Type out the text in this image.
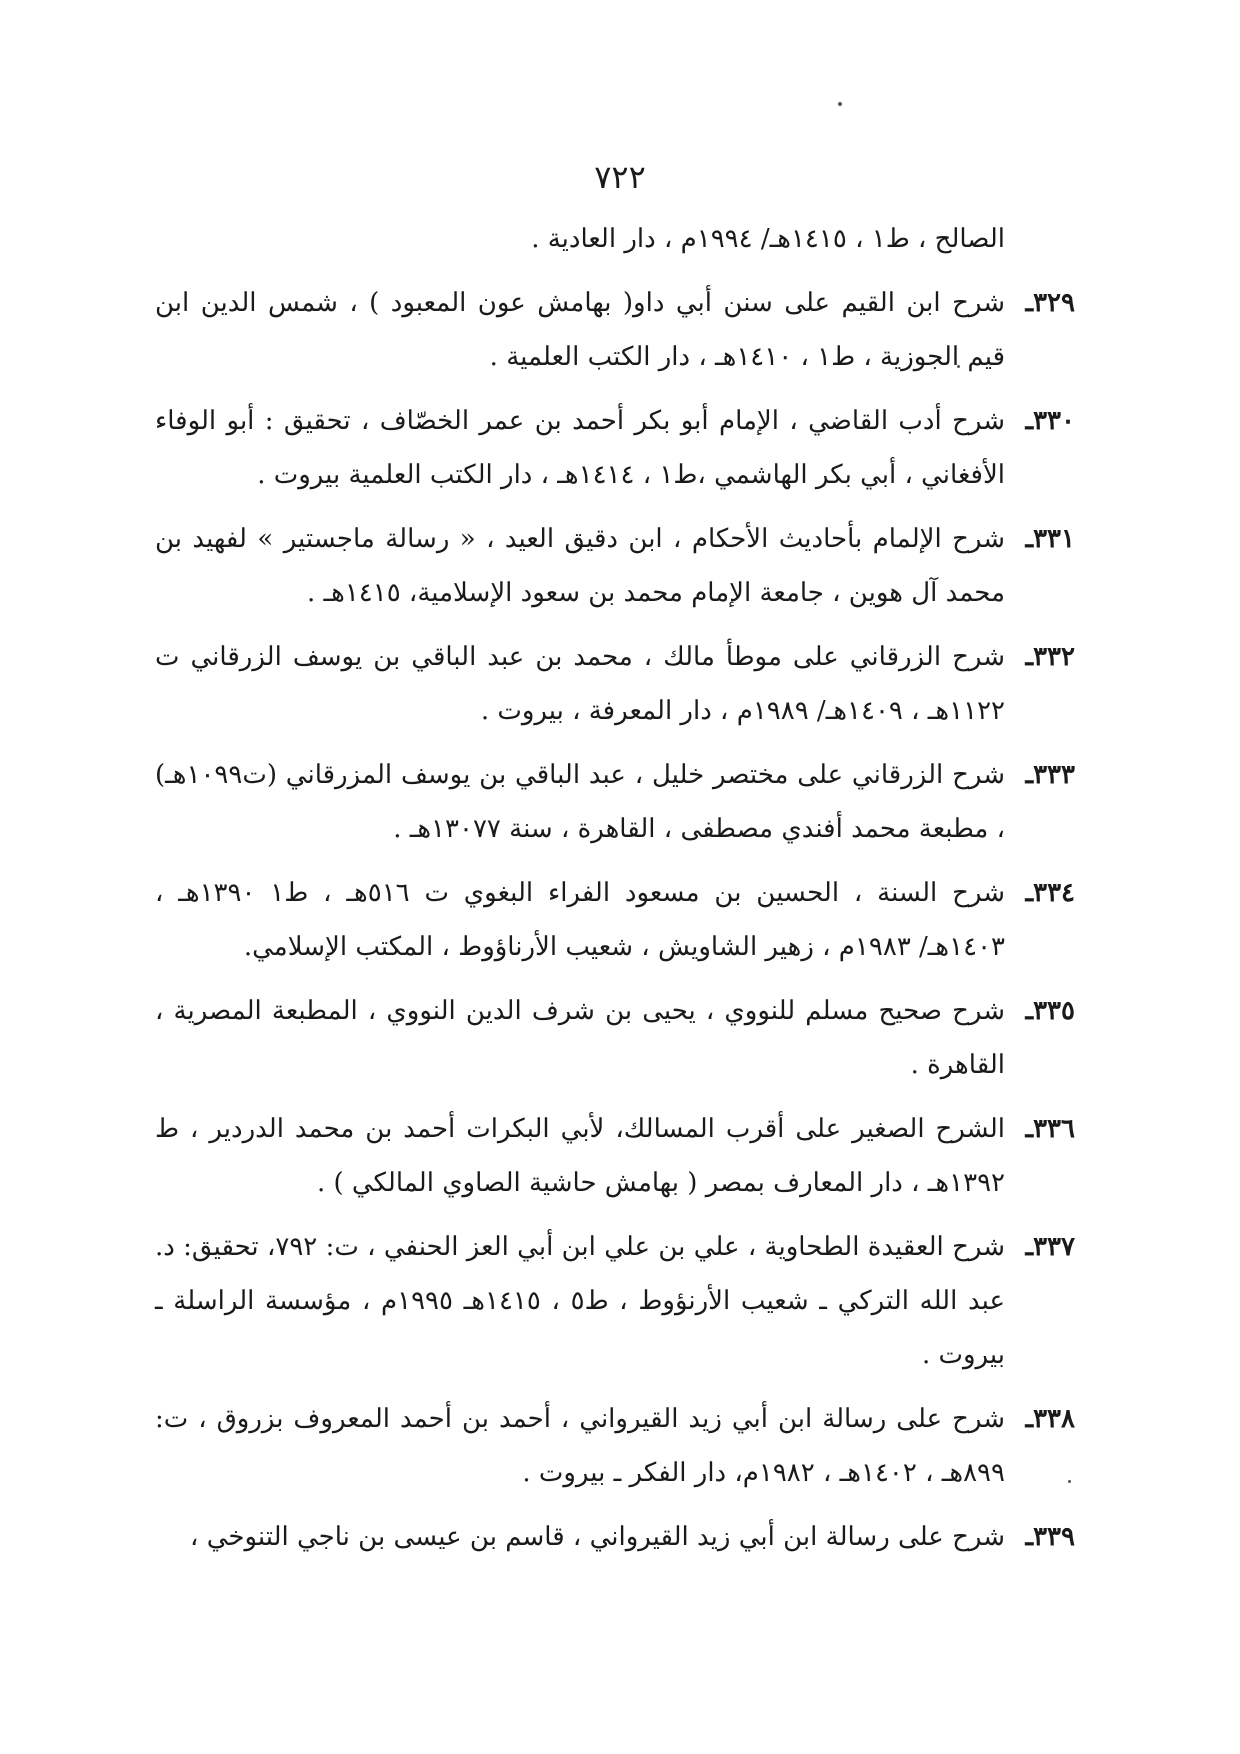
٧٢٢
الصالح ، ط١ ، ١٤١٥هـ/ ١٩٩٤م ، دار العادية .
٣٢٩ـشرح ابن القيم على سنن أبي داو( بهامش عون المعبود ) ، شمس الدين ابن قيم الجوزية ، ط١ ، ١٤١٠هـ ، دار الكتب العلمية .
٣٣٠ـشرح أدب القاضي ، الإمام أبو بكر أحمد بن عمر الخصّاف ، تحقيق : أبو الوفاء الأفغاني ، أبي بكر الهاشمي ،ط١ ، ١٤١٤هـ ، دار الكتب العلمية بيروت .
٣٣١ـشرح الإلمام بأحاديث الأحكام ، ابن دقيق العيد ، « رسالة ماجستير » لفهيد بن محمد آل هوين ، جامعة الإمام محمد بن سعود الإسلامية، ١٤١٥هـ .
٣٣٢ـشرح الزرقاني على موطأ مالك ، محمد بن عبد الباقي بن يوسف الزرقاني ت ١١٢٢هـ ، ١٤٠٩هـ/ ١٩٨٩م ، دار المعرفة ، بيروت .
٣٣٣ـشرح الزرقاني على مختصر خليل ، عبد الباقي بن يوسف المزرقاني (ت١٠٩٩هـ) ، مطبعة محمد أفندي مصطفى ، القاهرة ، سنة ١٣٠٧٧هـ .
٣٣٤ـشرح السنة ، الحسين بن مسعود الفراء البغوي ت ٥١٦هـ ، ط١ ١٣٩٠هـ ، ١٤٠٣هـ/ ١٩٨٣م ، زهير الشاويش ، شعيب الأرناؤوط ، المكتب الإسلامي.
٣٣٥ـشرح صحيح مسلم للنووي ، يحيى بن شرف الدين النووي ، المطبعة المصرية ، القاهرة .
٣٣٦ـالشرح الصغير على أقرب المسالك، لأبي البكرات أحمد بن محمد الدردير ، ط ١٣٩٢هـ ، دار المعارف بمصر ( بهامش حاشية الصاوي المالكي ) .
٣٣٧ـشرح العقيدة الطحاوية ، علي بن علي ابن أبي العز الحنفي ، ت: ٧٩٢، تحقيق: د. عبد الله التركي ـ شعيب الأرنؤوط ، ط٥ ، ١٤١٥هـ ١٩٩٥م ، مؤسسة الراسلة ـ بيروت .
٣٣٨ـشرح على رسالة ابن أبي زيد القيرواني ، أحمد بن أحمد المعروف بزروق ، ت: ٨٩٩هـ ، ١٤٠٢هـ ، ١٩٨٢م، دار الفكر ـ بيروت .
٣٣٩ـشرح على رسالة ابن أبي زيد القيرواني ، قاسم بن عيسى بن ناجي التنوخي ،
